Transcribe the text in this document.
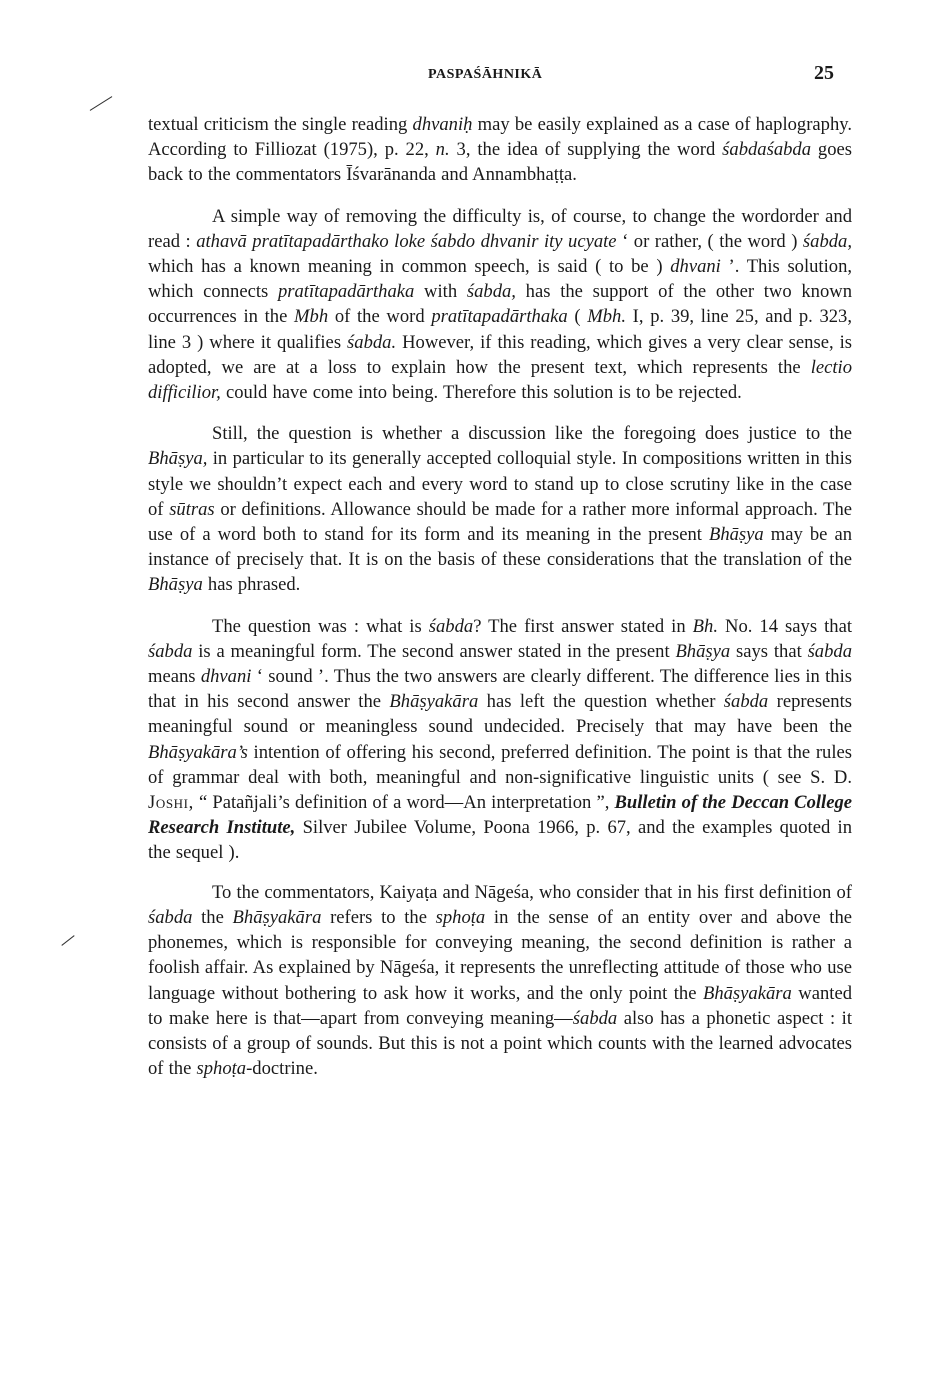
PASPAŚĀHNIKĀ	25

textual criticism the single reading dhvaniḥ may be easily explained as a case of haplography. According to Filliozat (1975), p. 22, n. 3, the idea of supplying the word śabdaśabda goes back to the commentators Īśvarānanda and Annambhaṭṭa.

A simple way of removing the difficulty is, of course, to change the wordorder and read : athavā pratītapadārthako loke śabdo dhvanir ity ucyate ‘ or rather, ( the word ) śabda, which has a known meaning in common speech, is said ( to be ) dhvani ’. This solution, which connects pratītapadārthaka with śabda, has the support of the other two known occurrences in the Mbh of the word pratītapadārthaka ( Mbh. I, p. 39, line 25, and p. 323, line 3 ) where it qualifies śabda. However, if this reading, which gives a very clear sense, is adopted, we are at a loss to explain how the present text, which represents the lectio difficilior, could have come into being. Therefore this solution is to be rejected.

Still, the question is whether a discussion like the foregoing does justice to the Bhāṣya, in particular to its generally accepted colloquial style. In compositions written in this style we shouldn’t expect each and every word to stand up to close scrutiny like in the case of sūtras or definitions. Allowance should be made for a rather more informal approach. The use of a word both to stand for its form and its meaning in the present Bhāṣya may be an instance of precisely that. It is on the basis of these considerations that the translation of the Bhāṣya has phrased.

The question was : what is śabda? The first answer stated in Bh. No. 14 says that śabda is a meaningful form. The second answer stated in the present Bhāṣya says that śabda means dhvani ‘ sound ’. Thus the two answers are clearly different. The difference lies in this that in his second answer the Bhāṣyakāra has left the question whether śabda represents meaningful sound or meaningless sound undecided. Precisely that may have been the Bhāṣyakāra’s intention of offering his second, preferred definition. The point is that the rules of grammar deal with both, meaningful and non-significative linguistic units ( see S. D. Joshi, “ Patañjali’s definition of a word—An interpretation ”, Bulletin of the Deccan College Research Institute, Silver Jubilee Volume, Poona 1966, p. 67, and the examples quoted in the sequel ).

To the commentators, Kaiyaṭa and Nāgeśa, who consider that in his first definition of śabda the Bhāṣyakāra refers to the sphoṭa in the sense of an entity over and above the phonemes, which is responsible for conveying meaning, the second definition is rather a foolish affair. As explained by Nāgeśa, it represents the unreflecting attitude of those who use language without bothering to ask how it works, and the only point the Bhāṣyakāra wanted to make here is that—apart from conveying meaning—śabda also has a phonetic aspect : it consists of a group of sounds. But this is not a point which counts with the learned advocates of the sphoṭa-doctrine.
